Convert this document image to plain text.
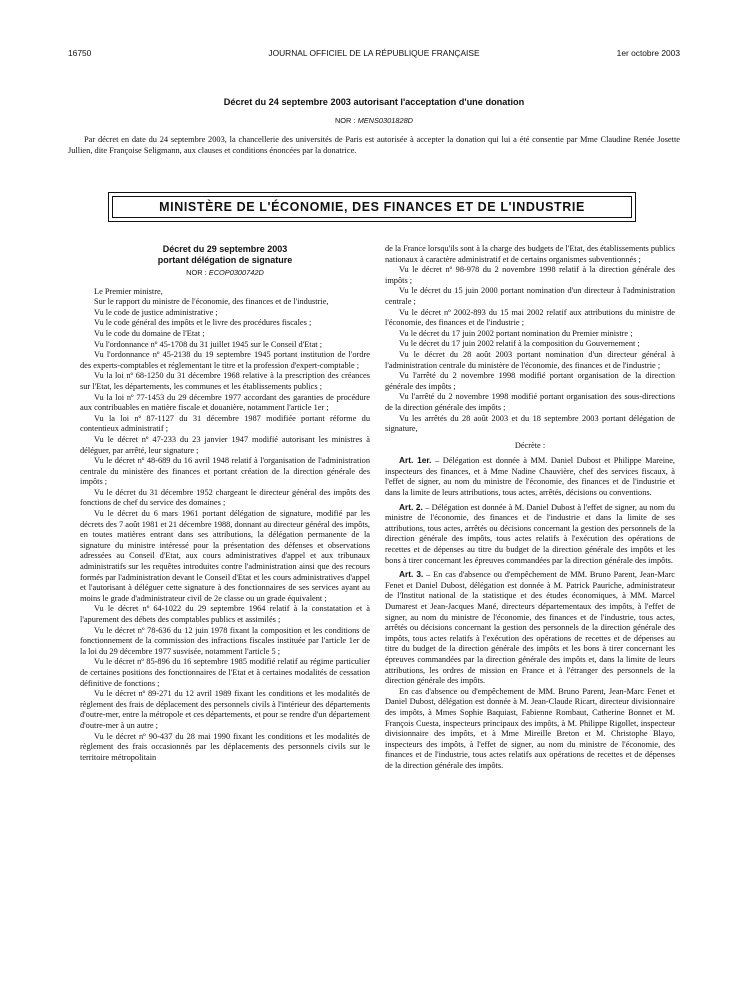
16750	JOURNAL OFFICIEL DE LA RÉPUBLIQUE FRANÇAISE	1er octobre 2003
Décret du 24 septembre 2003 autorisant l'acceptation d'une donation
NOR : MENS0301828D

Par décret en date du 24 septembre 2003, la chancellerie des universités de Paris est autorisée à accepter la donation qui lui a été consentie par Mme Claudine Renée Josette Jullien, dite Françoise Seligmann, aux clauses et conditions énoncées par la donatrice.

MINISTÈRE DE L'ÉCONOMIE, DES FINANCES ET DE L'INDUSTRIE
Décret du 29 septembre 2003
portant délégation de signature
NOR : ECOP0300742D

Le Premier ministre,

Sur le rapport du ministre de l'économie, des finances et de l'industrie,

Vu le code de justice administrative ;

Vu le code général des impôts et le livre des procédures fiscales ;

Vu le code du domaine de l'Etat ;

Vu l'ordonnance nº 45-1708 du 31 juillet 1945 sur le Conseil d'Etat ;

Vu l'ordonnance nº 45-2138 du 19 septembre 1945 portant institution de l'ordre des experts-comptables et réglementant le titre et la profession d'expert-comptable ;

Vu la loi nº 68-1250 du 31 décembre 1968 relative à la prescription des créances sur l'Etat, les départements, les communes et les établissements publics ;

Vu la loi nº 77-1453 du 29 décembre 1977 accordant des garanties de procédure aux contribuables en matière fiscale et douanière, notamment l'article 1er ;

Vu la loi nº 87-1127 du 31 décembre 1987 modifiée portant réforme du contentieux administratif ;

Vu le décret nº 47-233 du 23 janvier 1947 modifié autorisant les ministres à déléguer, par arrêté, leur signature ;

Vu le décret nº 48-689 du 16 avril 1948 relatif à l'organisation de l'administration centrale du ministère des finances et portant création de la direction générale des impôts ;

Vu le décret du 31 décembre 1952 chargeant le directeur général des impôts des fonctions de chef du service des domaines ;

Vu le décret du 6 mars 1961 portant délégation de signature, modifié par les décrets des 7 août 1981 et 21 décembre 1988, donnant au directeur général des impôts, en toutes matières entrant dans ses attributions, la délégation permanente de la signature du ministre intéressé pour la présentation des défenses et observations adressées au Conseil d'Etat, aux cours administratives d'appel et aux tribunaux administratifs sur les requêtes introduites contre l'administration ainsi que des recours formés par l'administration devant le Conseil d'Etat et les cours administratives d'appel et l'autorisant à déléguer cette signature à des fonctionnaires de ses services ayant au moins le grade d'administrateur civil de 2e classe ou un grade équivalent ;

Vu le décret nº 64-1022 du 29 septembre 1964 relatif à la constatation et à l'apurement des débets des comptables publics et assimilés ;

Vu le décret nº 78-636 du 12 juin 1978 fixant la composition et les conditions de fonctionnement de la commission des infractions fiscales instituée par l'article 1er de la loi du 29 décembre 1977 susvisée, notamment l'article 5 ;

Vu le décret nº 85-896 du 16 septembre 1985 modifié relatif au régime particulier de certaines positions des fonctionnaires de l'Etat et à certaines modalités de cessation définitive de fonctions ;

Vu le décret nº 89-271 du 12 avril 1989 fixant les conditions et les modalités de règlement des frais de déplacement des personnels civils à l'intérieur des départements d'outre-mer, entre la métropole et ces départements, et pour se rendre d'un département d'outre-mer à un autre ;

Vu le décret nº 90-437 du 28 mai 1990 fixant les conditions et les modalités de règlement des frais occasionnés par les déplacements des personnels civils sur le territoire métropolitain

de la France lorsqu'ils sont à la charge des budgets de l'Etat, des établissements publics nationaux à caractère administratif et de certains organismes subventionnés ;

Vu le décret nº 98-978 du 2 novembre 1998 relatif à la direction générale des impôts ;

Vu le décret du 15 juin 2000 portant nomination d'un directeur à l'administration centrale ;

Vu le décret nº 2002-893 du 15 mai 2002 relatif aux attributions du ministre de l'économie, des finances et de l'industrie ;

Vu le décret du 17 juin 2002 portant nomination du Premier ministre ;

Vu le décret du 17 juin 2002 relatif à la composition du Gouvernement ;

Vu le décret du 28 août 2003 portant nomination d'un directeur général à l'administration centrale du ministère de l'économie, des finances et de l'industrie ;

Vu l'arrêté du 2 novembre 1998 modifié portant organisation de la direction générale des impôts ;

Vu l'arrêté du 2 novembre 1998 modifié portant organisation des sous-directions de la direction générale des impôts ;

Vu les arrêtés du 28 août 2003 et du 18 septembre 2003 portant délégation de signature,

Décrète :

Art. 1er. – Délégation est donnée à MM. Daniel Dubost et Philippe Mareine, inspecteurs des finances, et à Mme Nadine Chauvière, chef des services fiscaux, à l'effet de signer, au nom du ministre de l'économie, des finances et de l'industrie et dans la limite de leurs attributions, tous actes, arrêtés, décisions ou conventions.

Art. 2. – Délégation est donnée à M. Daniel Dubost à l'effet de signer, au nom du ministre de l'économie, des finances et de l'industrie et dans la limite de ses attributions, tous actes, arrêtés ou décisions concernant la gestion des personnels de la direction générale des impôts, tous actes relatifs à l'exécution des opérations de recettes et de dépenses au titre du budget de la direction générale des impôts et les bons à tirer concernant les épreuves commandées par la direction générale des impôts.

Art. 3. – En cas d'absence ou d'empêchement de MM. Bruno Parent, Jean-Marc Fenet et Daniel Dubost, délégation est donnée à M. Patrick Pauriche, administrateur de l'Institut national de la statistique et des études économiques, à MM. Marcel Dumarest et Jean-Jacques Mané, directeurs départementaux des impôts, à l'effet de signer, au nom du ministre de l'économie, des finances et de l'industrie, tous actes, arrêtés ou décisions concernant la gestion des personnels de la direction générale des impôts, tous actes relatifs à l'exécution des opérations de recettes et de dépenses au titre du budget de la direction générale des impôts et les bons à tirer concernant les épreuves commandées par la direction générale des impôts et, dans la limite de leurs attributions, les ordres de mission en France et à l'étranger des personnels de la direction générale des impôts.

En cas d'absence ou d'empêchement de MM. Bruno Parent, Jean-Marc Fenet et Daniel Dubost, délégation est donnée à M. Jean-Claude Ricart, directeur divisionnaire des impôts, à Mmes Sophie Baquiast, Fabienne Rombaut, Catherine Bonnet et M. François Cuesta, inspecteurs principaux des impôts, à M. Philippe Rigollet, inspecteur divisionnaire des impôts, et à Mme Mireille Breton et M. Christophe Blayo, inspecteurs des impôts, à l'effet de signer, au nom du ministre de l'économie, des finances et de l'industrie, tous actes relatifs aux opérations de recettes et de dépenses de la direction générale des impôts.
